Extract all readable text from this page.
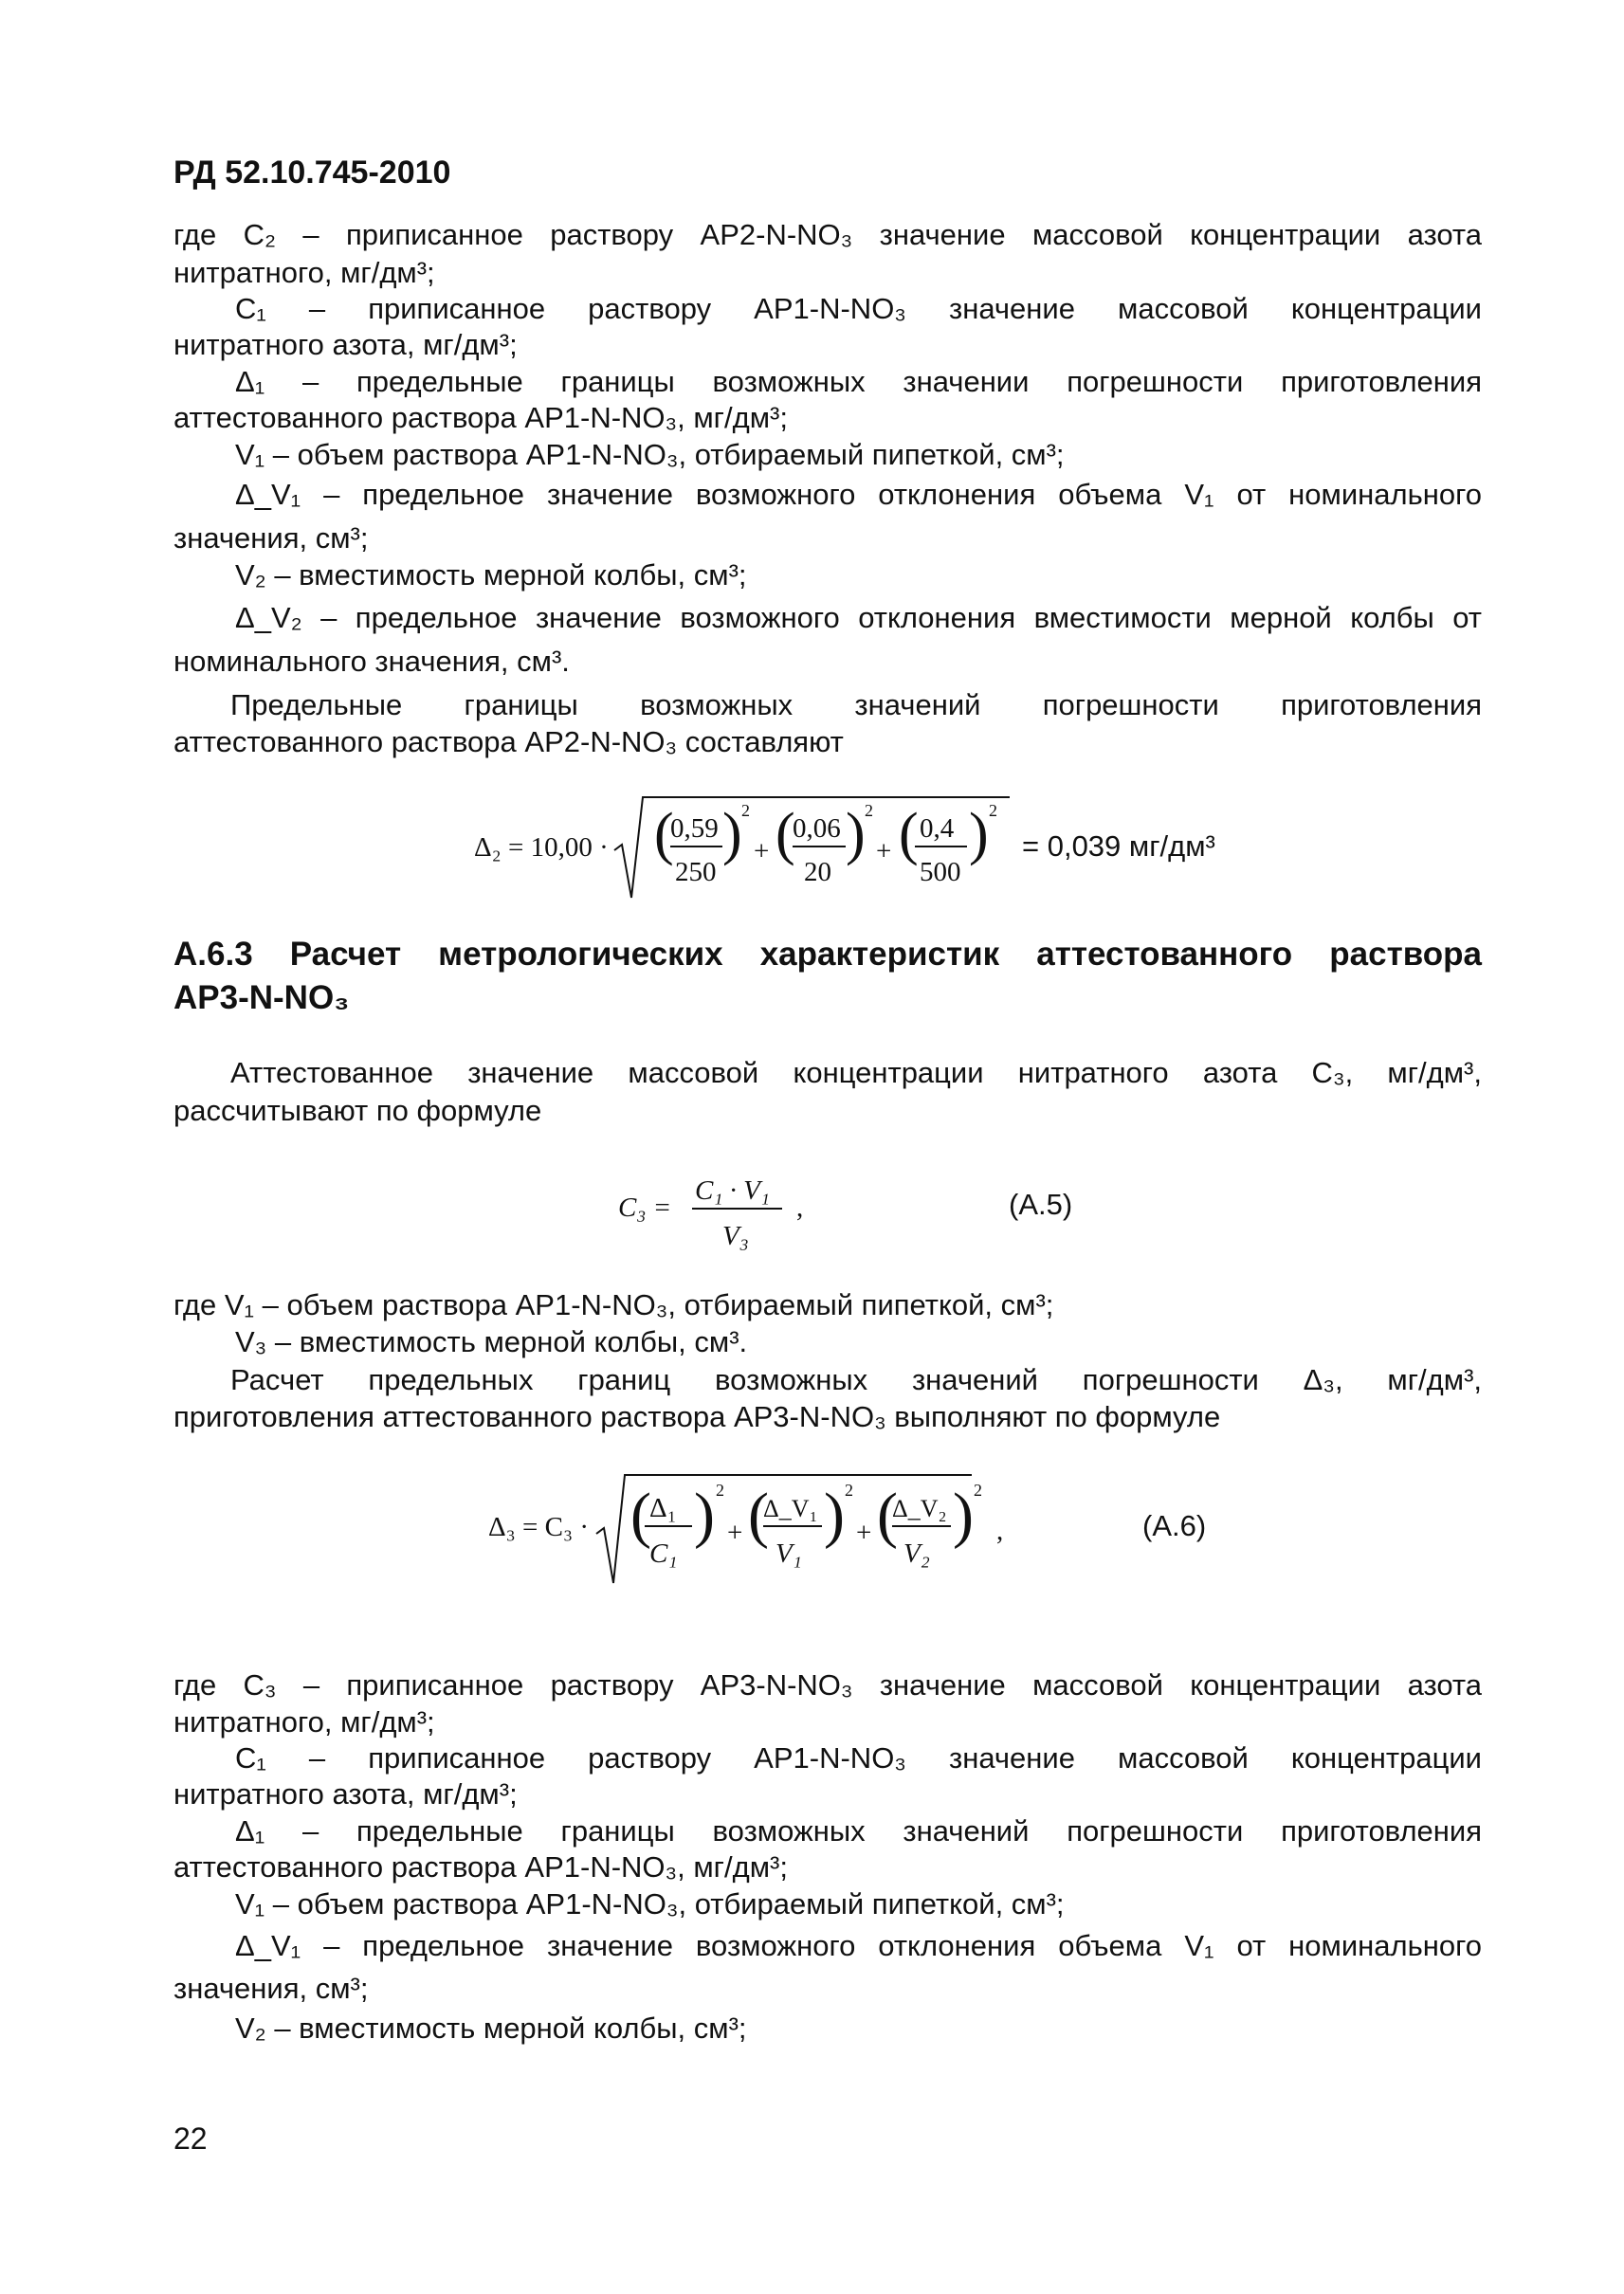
РД 52.10.745-2010
где C₂ – приписанное раствору АР2-N-NO₃ значение массовой концентрации азота
нитратного, мг/дм³;
C₁ – приписанное раствору АР1-N-NO₃ значение массовой концентрации
нитратного азота, мг/дм³;
Δ₁ – предельные границы возможных значении погрешности приготовления
аттестованного раствора АР1-N-NO₃, мг/дм³;
V₁ – объем раствора АР1-N-NO₃, отбираемый пипеткой, см³;
Δ_V₁ – предельное значение возможного отклонения объема V₁ от номинального
значения, см³;
V₂ – вместимость мерной колбы, см³;
Δ_V₂ – предельное значение возможного отклонения вместимости мерной колбы от
номинального значения, см³.
Предельные границы возможных значений погрешности приготовления
аттестованного раствора АР2-N-NO₃ составляют
Δ₂ = 10,00 · (
0,59
250
) 2
+ (
0,06
20
) 2
+ ( 0,4
500
) 2
= 0,039 мг/дм³
А.6.3 Расчет метрологических характеристик аттестованного раствора
АР3-N-NO₃
Аттестованное значение массовой концентрации нитратного азота C₃, мг/дм³,
рассчитывают по формуле
C₃ =
C₁ · V₁
V₃
,	(А.5)
где V₁ – объем раствора АР1-N-NO₃, отбираемый пипеткой, см³;
V₃ – вместимость мерной колбы, см³.
Расчет предельных границ возможных значений погрешности Δ₃, мг/дм³,
приготовления аттестованного раствора АР3-N-NO₃ выполняют по формуле
Δ₃ = C₃ · (
Δ₁
C₁
) 2
+ (
Δ_V₁
V₁
) 2
+ (
Δ_V₂
V₂
) 2
,	(А.6)
где C₃ – приписанное раствору АР3-N-NO₃ значение массовой концентрации азота
нитратного, мг/дм³;
C₁ – приписанное раствору АР1-N-NO₃ значение массовой концентрации
нитратного азота, мг/дм³;
Δ₁ – предельные границы возможных значений погрешности приготовления
аттестованного раствора АР1-N-NO₃, мг/дм³;
V₁ – объем раствора АР1-N-NO₃, отбираемый пипеткой, см³;
Δ_V₁ – предельное значение возможного отклонения объема V₁ от номинального
значения, см³;
V₂ – вместимость мерной колбы, см³;
22
